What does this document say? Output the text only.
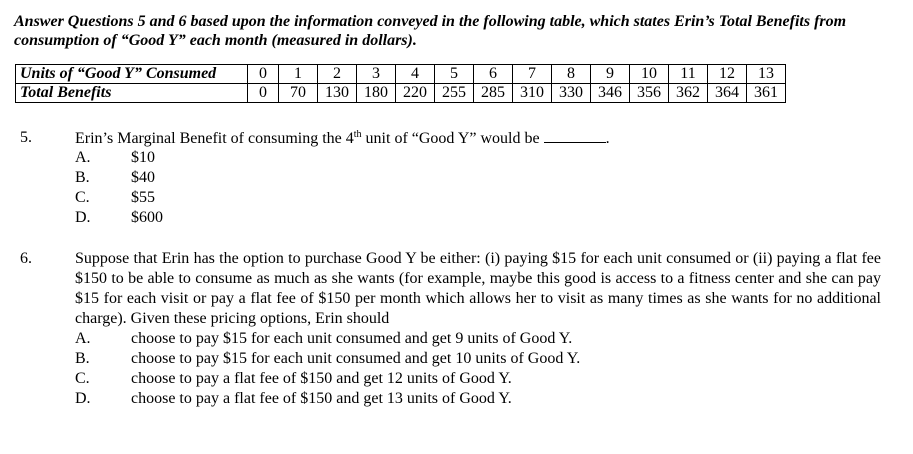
Answer Questions 5 and 6 based upon the information conveyed in the following table, which states Erin’s Total Benefits from consumption of “Good Y” each month (measured in dollars).
Units of “Good Y” Consumed	0	1	2	3	4	5	6	7	8	9	10	11	12	13
Total Benefits	0	70	130	180	220	255	285	310	330	346	356	362	364	361
5.	Erin’s Marginal Benefit of consuming the 4th unit of “Good Y” would be	.
A.	$10
B.	$40
C.	$55
D.	$600
6.	Suppose that Erin has the option to purchase Good Y be either: (i) paying $15 for each unit consumed or (ii) paying a flat fee $150 to be able to consume as much as she wants (for example, maybe this good is access to a fitness center and she can pay $15 for each visit or pay a flat fee of $150 per month which allows her to visit as many times as she wants for no additional charge). Given these pricing options, Erin should
A.	choose to pay $15 for each unit consumed and get 9 units of Good Y.
B.	choose to pay $15 for each unit consumed and get 10 units of Good Y.
C.	choose to pay a flat fee of $150 and get 12 units of Good Y.
D.	choose to pay a flat fee of $150 and get 13 units of Good Y.
